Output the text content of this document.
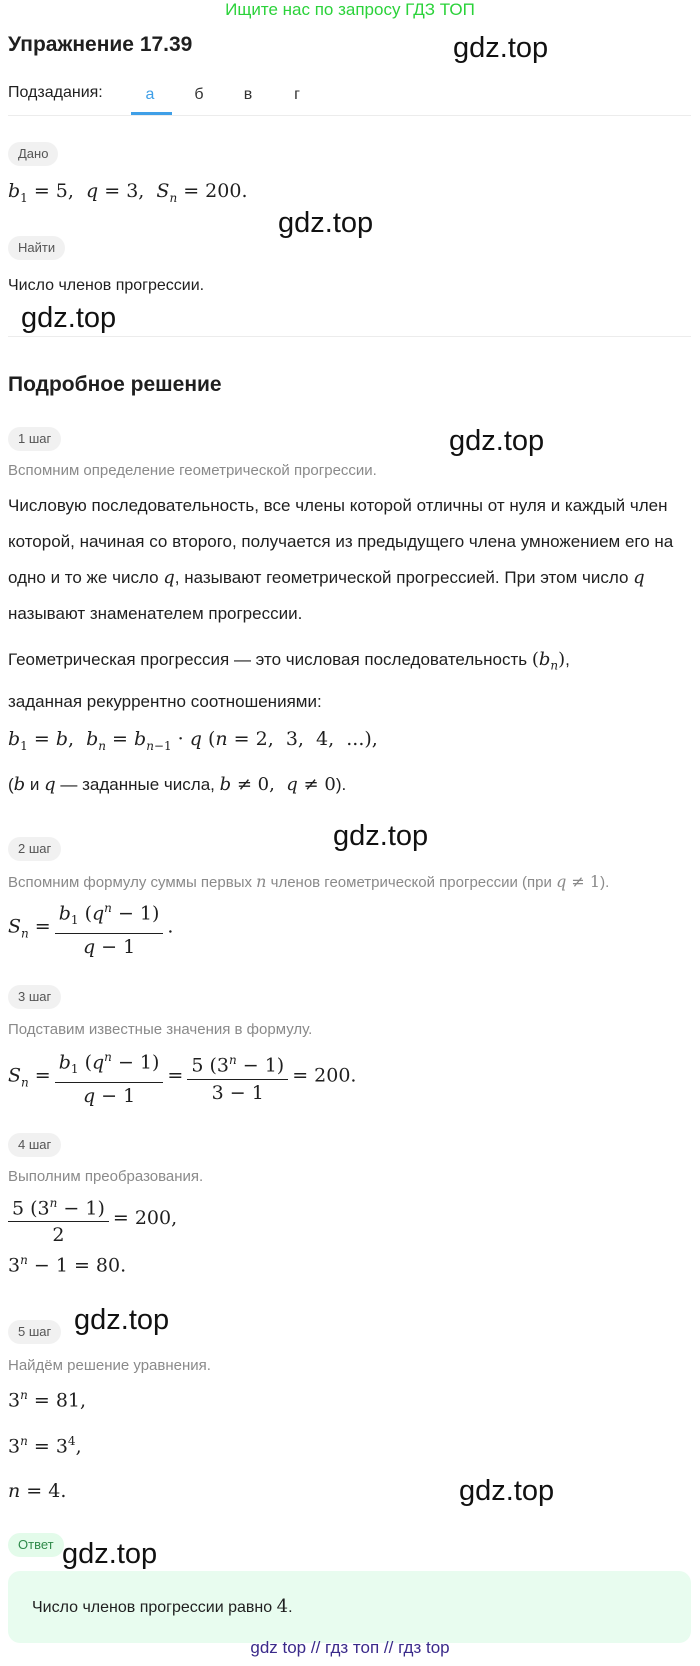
Ищите нас по запросу ГДЗ ТОП
Упражнение 17.39	gdz.top
Подзадания:	а	б	в	г
Дано
$b_1 = 5$,  q = 3,  $S_n = 200$.
gdz.top
Найти
Число членов прогрессии.
gdz.top
Подробное решение
1 шаг	gdz.top
Вспомним определение геометрической прогрессии.
Числовую последовательность, все члены которой отличны от нуля и каждый член которой, начиная со второго, получается из предыдущего члена умножением его на одно и то же число q, называют геометрической прогрессией. При этом число q называют знаменателем прогрессии.
Геометрическая прогрессия — это числовая последовательность $(b_n)$,
заданная рекуррентно соотношениями:
$b_1 = b$,  $b_n = b_{n-1} \cdot q$ (n = 2,  3,  4,  ...),
(b и q — заданные числа, b ≠ 0,  q ≠ 0).
gdz.top
2 шаг
Вспомним формулу суммы первых n членов геометрической прогрессии (при q ≠ 1).
$S_n = \frac{b_1 (q^n - 1)}{q - 1}$ .
3 шаг
Подставим известные значения в формулу.
$S_n = \frac{b_1 (q^n - 1)}{q - 1} = \frac{5 (3^n - 1)}{3 - 1} = 200$.
4 шаг
Выполним преобразования.
$\frac{5 (3^n - 1)}{2} = 200$,
$3^n - 1 = 80$.
5 шаг gdz.top
Найдём решение уравнения.
$3^n = 81$,
$3^n = 3^4$,
n = 4.	gdz.top
Ответ gdz.top
Число членов прогрессии равно 4.
gdz top // гдз топ // гдз top
